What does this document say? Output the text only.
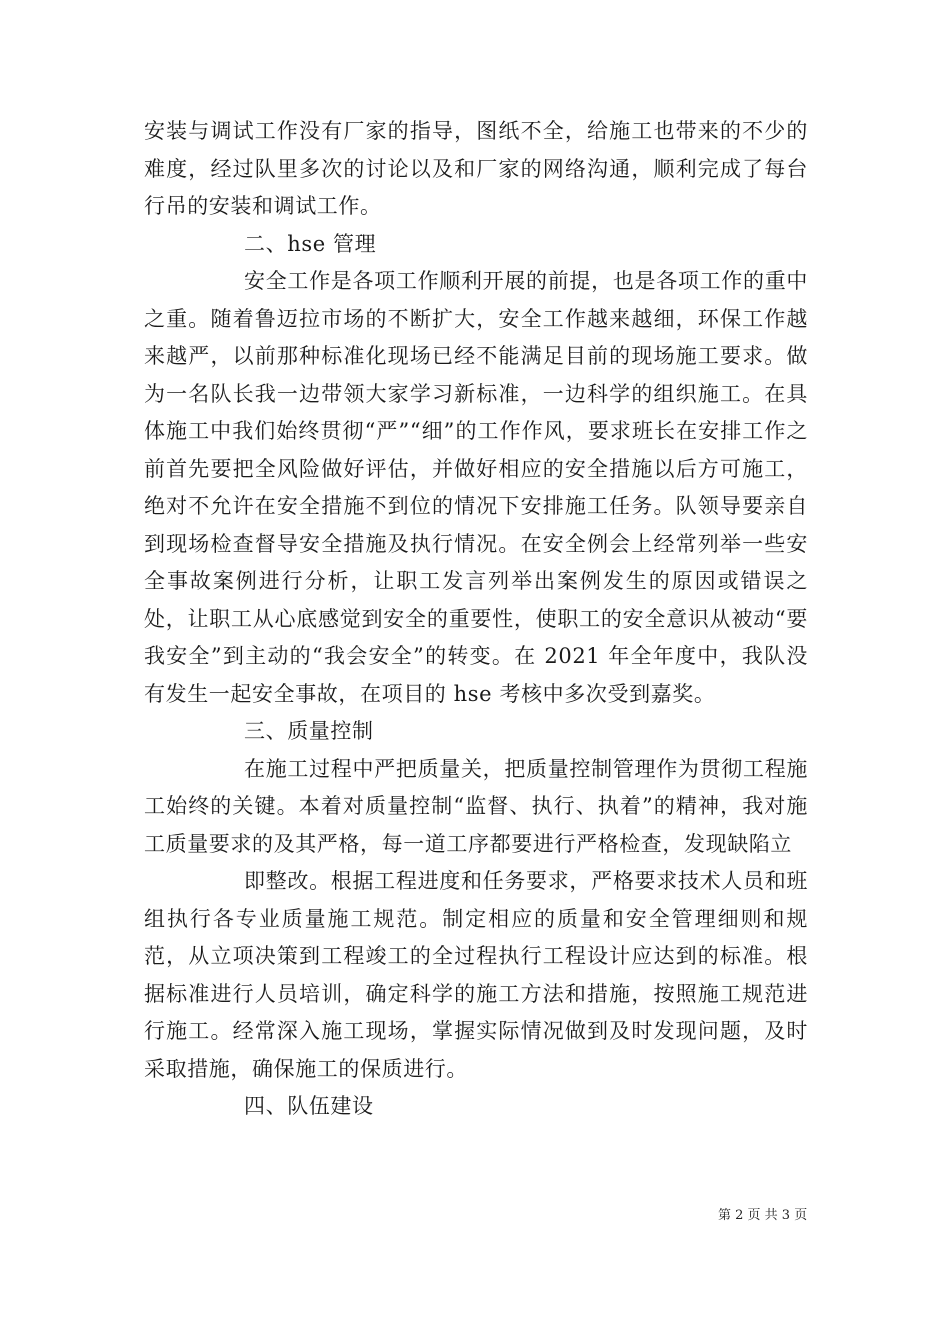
安装与调试工作没有厂家的指导，图纸不全，给施工也带来的不少的难度，经过队里多次的讨论以及和厂家的网络沟通，顺利完成了每台行吊的安装和调试工作。

二、hse 管理

安全工作是各项工作顺利开展的前提，也是各项工作的重中之重。随着鲁迈拉市场的不断扩大，安全工作越来越细，环保工作越来越严，以前那种标准化现场已经不能满足目前的现场施工要求。做为一名队长我一边带领大家学习新标准，一边科学的组织施工。在具体施工中我们始终贯彻“严”“细”的工作作风，要求班长在安排工作之前首先要把全风险做好评估，并做好相应的安全措施以后方可施工，绝对不允许在安全措施不到位的情况下安排施工任务。队领导要亲自到现场检查督导安全措施及执行情况。在安全例会上经常列举一些安全事故案例进行分析，让职工发言列举出案例发生的原因或错误之处，让职工从心底感觉到安全的重要性，使职工的安全意识从被动“要我安全”到主动的“我会安全”的转变。在 2021 年全年度中，我队没有发生一起安全事故，在项目的 hse 考核中多次受到嘉奖。

三、质量控制

在施工过程中严把质量关，把质量控制管理作为贯彻工程施工始终的关键。本着对质量控制“监督、执行、执着”的精神，我对施工质量要求的及其严格，每一道工序都要进行严格检查，发现缺陷立

即整改。根据工程进度和任务要求，严格要求技术人员和班组执行各专业质量施工规范。制定相应的质量和安全管理细则和规范，从立项决策到工程竣工的全过程执行工程设计应达到的标准。根据标准进行人员培训，确定科学的施工方法和措施，按照施工规范进行施工。经常深入施工现场，掌握实际情况做到及时发现问题，及时采取措施，确保施工的保质进行。

四、队伍建设

第 2 页 共 3 页
